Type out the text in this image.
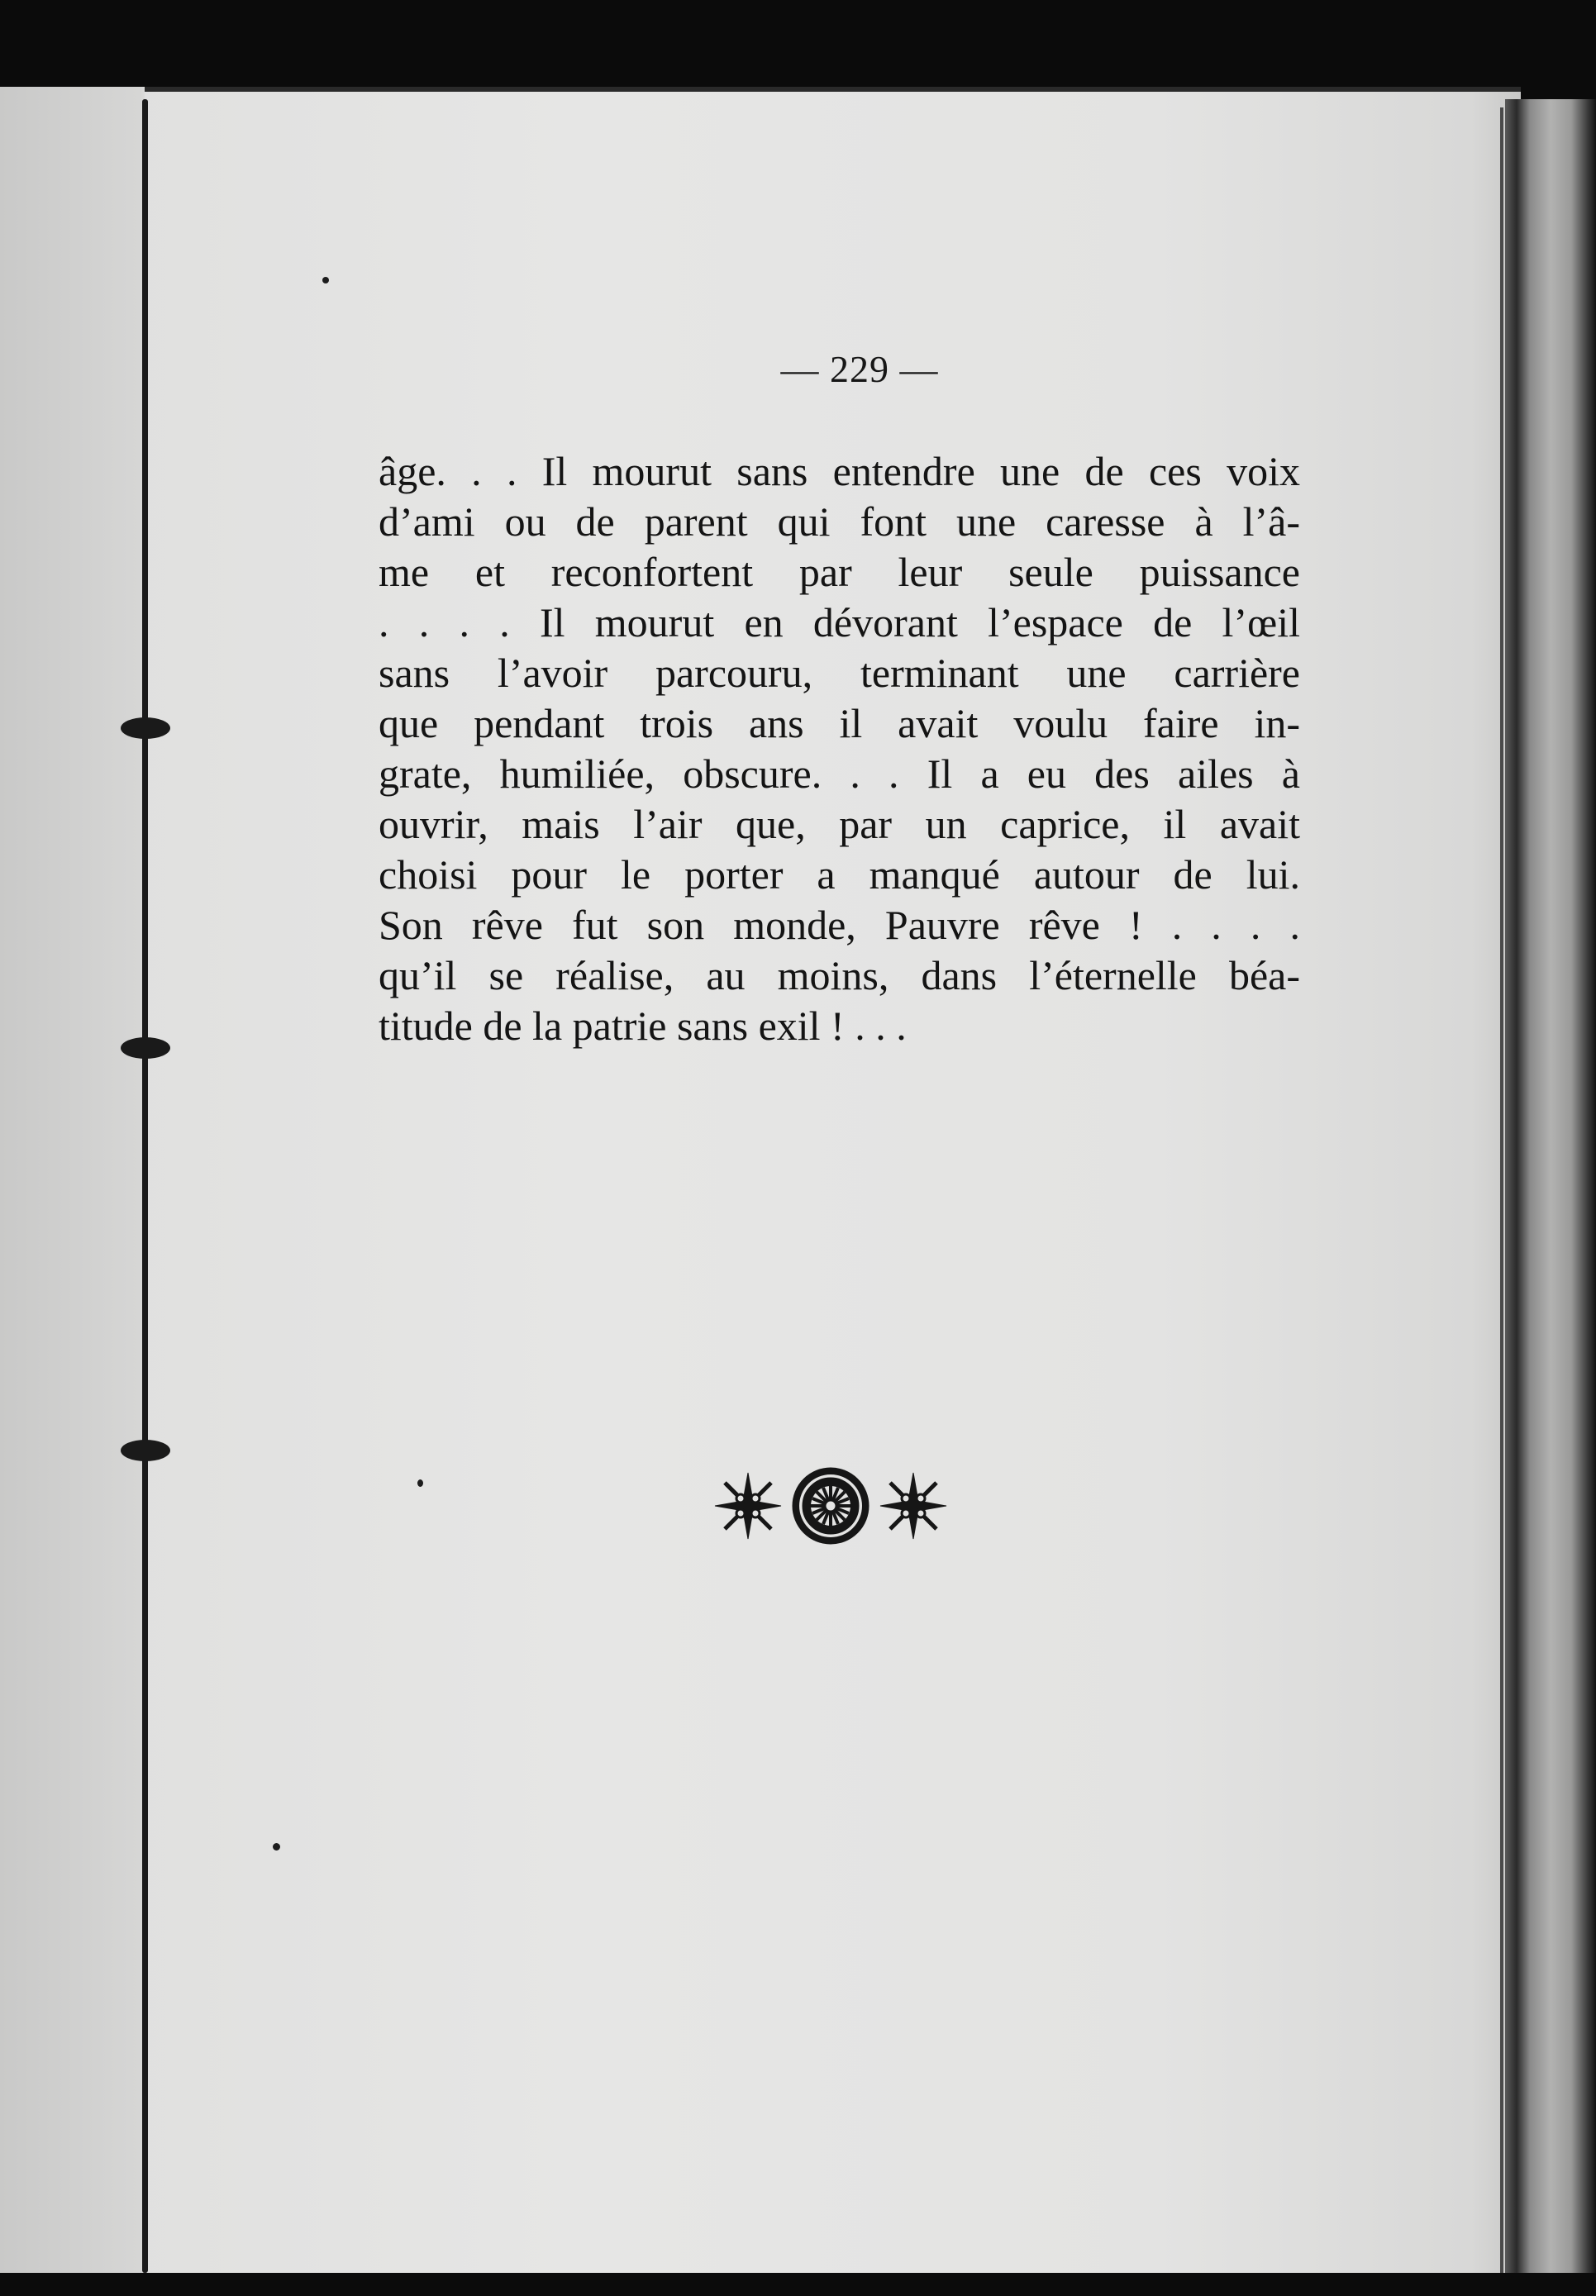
— 229 —
âge. . . Il mourut sans entendre une de ces voix
d’ami ou de parent qui font une caresse à l’â-
me et reconfortent par leur seule puissance
. . . . Il mourut en dévorant l’espace de l’œil
sans l’avoir parcouru, terminant une carrière
que pendant trois ans il avait voulu faire in-
grate, humiliée, obscure. . . Il a eu des ailes à
ouvrir, mais l’air que, par un caprice, il avait
choisi pour le porter a manqué autour de lui.
Son rêve fut son monde, Pauvre rêve ! . . . .
qu’il se réalise, au moins, dans l’éternelle béa-
titude de la patrie sans exil ! . . .
